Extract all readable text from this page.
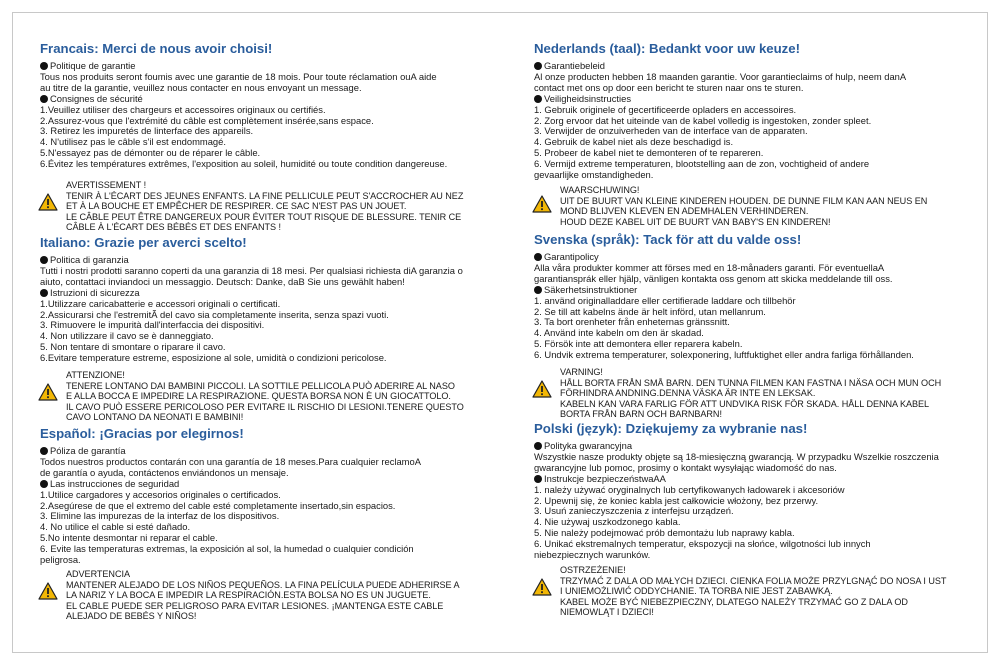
Francais: Merci de nous avoir choisi!
Politique de garantie
Tous nos produits seront foumis avec une garantie de 18 mois. Pour toute réclamation ouA aide
au titre de la garantie, veuillez nous contacter en nous envoyant un message.
Consignes de sécurité
1.Veuillez utiliser des chargeurs et accessoires originaux ou certifiés.
2.Assurez-vous que l'extrémité du câble est complètement insérée,sans espace.
3. Retirez les impuretés de linterface des appareils.
4. N'utilisez pas le câble s'il est endommagé.
5.N'essayez pas de démonter ou de réparer le câble.
6.Évitez les températures extrêmes, l'exposition au soleil, humidité ou toute condition dangereuse.
AVERTISSEMENT !
TENIR À L'ÉCART DES JEUNES ENFANTS. LA FINE PELLICULE PEUT S'ACCROCHER AU NEZ
ET À LA BOUCHE ET EMPÊCHER DE RESPIRER. CE SAC N'EST PAS UN JOUET.
LE CÂBLE PEUT ÊTRE DANGEREUX POUR ÉVITER TOUT RISQUE DE BLESSURE. TENIR CE
CÂBLE À L'ÉCART DES BÉBÉS ET DES ENFANTS !
Italiano: Grazie per averci scelto!
Politica di garanzia
Tutti i nostri prodotti saranno coperti da una garanzia di 18 mesi. Per qualsiasi richiesta diA garanzia o
aiuto, contattaci inviandoci un messaggio. Deutsch: Danke, daB Sie uns gewählt haben!
Istruzioni di sicurezza
1.Utilizzare caricabatterie e accessori originali o certificati.
2.Assicurarsi che l'estremitÃ del cavo sia completamente inserita, senza spazi vuoti.
3. Rimuovere le impurità dall'interfaccia dei dispositivi.
4. Non utilizzare il cavo se è danneggiato.
5. Non tentare di smontare o riparare il cavo.
6.Evitare temperature estreme, esposizione al sole, umidità o condizioni pericolose.
ATTENZIONE!
TENERE LONTANO DAI BAMBINI PICCOLI. LA SOTTILE PELLICOLA PUÒ ADERIRE AL NASO
E ALLA BOCCA E IMPEDIRE LA RESPIRAZIONE. QUESTA BORSA NON È UN GIOCATTOLO.
IL CAVO PUÒ ESSERE PERICOLOSO PER EVITARE IL RISCHIO DI LESIONI.TENERE QUESTO
CAVO LONTANO DA NEONATI E BAMBINI!
Español: ¡Gracias por elegirnos!
Póliza de garantía
Todos nuestros productos contarán con una garantía de 18 meses.Para cualquier reclamoA
de garantía o ayuda, contáctenos enviándonos un mensaje.
Las instrucciones de seguridad
1.Utilice cargadores y accesorios originales o certificados.
2.Asegúrese de que el extremo del cable esté completamente insertado,sin espacios.
3. Elimine las impurezas de la interfaz de los dispositivos.
4. No utilice el cable si esté dañado.
5.No intente desmontar ni reparar el cable.
6. Evite las temperaturas extremas, la exposición al sol, la humedad o cualquier condición
peligrosa.
ADVERTENCIA
MANTENER ALEJADO DE LOS NIÑOS PEQUEÑOS. LA FINA PELÍCULA PUEDE ADHERIRSE A
LA NARIZ Y LA BOCA E IMPEDIR LA RESPIRACIÓN.ESTA BOLSA NO ES UN JUGUETE.
EL CABLE PUEDE SER PELIGROSO PARA EVITAR LESIONES. ¡MANTENGA ESTE CABLE
ALEJADO DE BEBÉS Y NIÑOS!
Nederlands (taal): Bedankt voor uw keuze!
Garantiebeleid
Al onze producten hebben 18 maanden garantie. Voor garantieclaims of hulp, neem danA
contact met ons op door een bericht te sturen naar ons te sturen.
Veiligheidsinstructies
1. Gebruik originele of gecertificeerde opladers en accessoires.
2. Zorg ervoor dat het uiteinde van de kabel volledig is ingestoken, zonder spleet.
3. Verwijder de onzuiverheden van de interface van de apparaten.
4. Gebruik de kabel niet als deze beschadigd is.
5. Probeer de kabel niet te demonteren of te repareren.
6. Vermijd extreme temperaturen, blootstelling aan de zon, vochtigheid of andere
gevaarlijke omstandigheden.
WAARSCHUWING!
UIT DE BUURT VAN KLEINE KINDEREN HOUDEN. DE DUNNE FILM KAN AAN NEUS EN
MOND BLIJVEN KLEVEN EN ADEMHALEN VERHINDEREN.
HOUD DEZE KABEL UIT DE BUURT VAN BABY'S EN KINDEREN!
Svenska (språk): Tack för att du valde oss!
Garantipolicy
Alla våra produkter kommer att förses med en 18-månaders garanti. För eventuellaA
garantiansprák eller hjälp, vänligen kontakta oss genom att skicka meddelande till oss.
Säkerhetsinstruktioner
1. använd originalladdare eller certifierade laddare och tillbehör
2. Se till att kabelns ände är helt införd, utan mellanrum.
3. Ta bort orenheter från enheternas gränssnitt.
4. Använd inte kabeln om den är skadad.
5. Försök inte att demontera eller reparera kabeln.
6. Undvik extrema temperaturer, solexponering, luftfuktighet eller andra farliga förhållanden.
VARNING!
HÅLL BORTA FRÅN SMÅ BARN. DEN TUNNA FILMEN KAN FASTNA I NÄSA OCH MUN OCH
FÖRHINDRA ANDNING.DENNA VÄSKA ÄR INTE EN LEKSAK.
KABELN KAN VARA FARLIG FÖR ATT UNDVIKA RISK FÖR SKADA. HÅLL DENNA KABEL
BORTA FRÅN BARN OCH BARNBARN!
Polski (język): Dziękujemy za wybranie nas!
Polityka gwarancyjna
Wszystkie nasze produkty objęte są 18-miesięczną gwarancją. W przypadku Wszelkie roszczenia
gwarancyjne lub pomoc, prosimy o kontakt wysyłając wiadomość do nas.
Instrukcje bezpieczeństwaAA
1. należy używać oryginalnych lub certyfikowanych ładowarek i akcesoriów
2. Upewnij się, że koniec kabla jest całkowicie włożony, bez przerwy.
3. Usuń zanieczyszczenia z interfejsu urządzeń.
4. Nie używaj uszkodzonego kabla.
5. Nie należy podejmować prób demontażu lub naprawy kabla.
6. Unikać ekstremalnych temperatur, ekspozycji na słońce, wilgotności lub innych
niebezpiecznych warunków.
OSTRZEŻENIE!
TRZYMAĆ Z DALA OD MAŁYCH DZIECI. CIENKA FOLIA MOŻE PRZYLGNĄĆ DO NOSA I UST
I UNIEMOŻLIWIĆ ODDYCHANIE. TA TORBA NIE JEST ZABAWKĄ.
KABEL MOŻE BYĆ NIEBEZPIECZNY, DLATEGO NALEŻY TRZYMAĆ GO Z DALA OD
NIEMOWLĄT I DZIECI!
